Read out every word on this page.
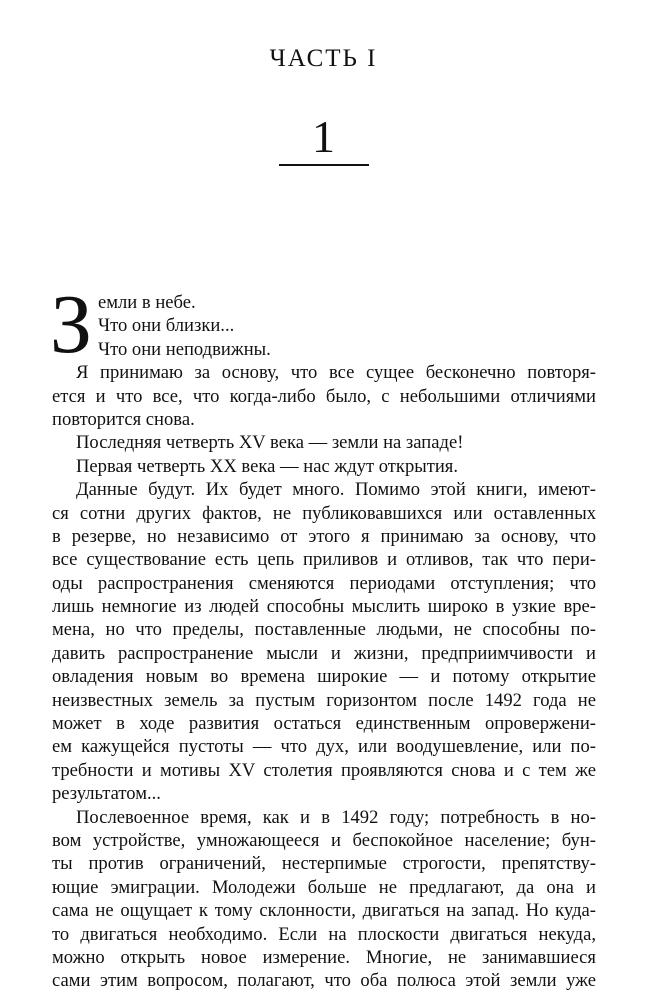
ЧАСТЬ I
1
З емли в небе.
Что они близки...
Что они неподвижны.
Я принимаю за основу, что все сущее бесконечно повторя-
ется и что все, что когда-либо было, с небольшими отличиями
повторится снова.
Последняя четверть XV века — земли на западе!
Первая четверть XX века — нас ждут открытия.
Данные будут. Их будет много. Помимо этой книги, имеют-
ся сотни других фактов, не публиковавшихся или оставленных
в резерве, но независимо от этого я принимаю за основу, что
все существование есть цепь приливов и отливов, так что пери-
оды распространения сменяются периодами отступления; что
лишь немногие из людей способны мыслить широко в узкие вре-
мена, но что пределы, поставленные людьми, не способны по-
давить распространение мысли и жизни, предприимчивости и
овладения новым во времена широкие — и потому открытие
неизвестных земель за пустым горизонтом после 1492 года не
может в ходе развития остаться единственным опровержени-
ем кажущейся пустоты — что дух, или воодушевление, или по-
требности и мотивы XV столетия проявляются снова и с тем же
результатом...
Послевоенное время, как и в 1492 году; потребность в но-
вом устройстве, умножающееся и беспокойное население; бун-
ты против ограничений, нестерпимые строгости, препятству-
ющие эмиграции. Молодежи больше не предлагают, да она и
сама не ощущает к тому склонности, двигаться на запад. Но куда-
то двигаться необходимо. Если на плоскости двигаться некуда,
можно открыть новое измерение. Многие, не занимавшиеся
сами этим вопросом, полагают, что оба полюса этой земли уже
